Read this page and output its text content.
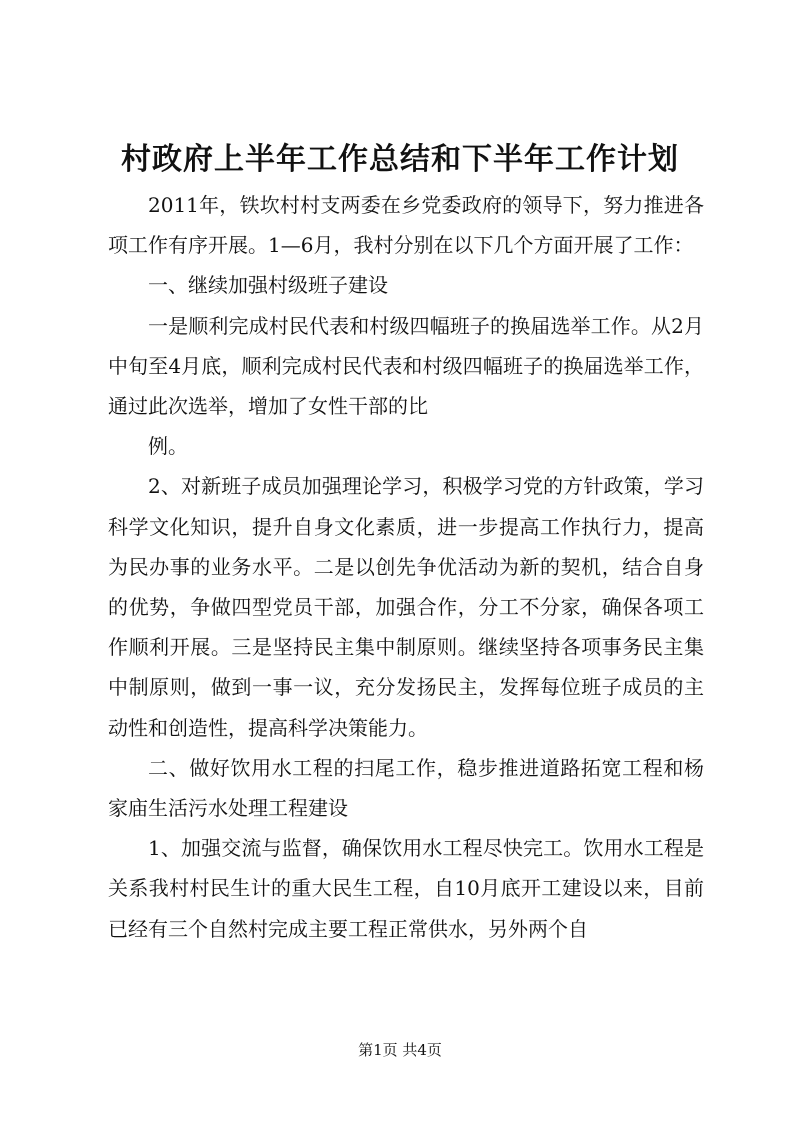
村政府上半年工作总结和下半年工作计划

2011年，铁坎村村支两委在乡党委政府的领导下，努力推进各项工作有序开展。1—6月，我村分别在以下几个方面开展了工作：

一、继续加强村级班子建设

一是顺利完成村民代表和村级四幅班子的换届选举工作。从2月中旬至4月底，顺利完成村民代表和村级四幅班子的换届选举工作，通过此次选举，增加了女性干部的比

例。

2、对新班子成员加强理论学习，积极学习党的方针政策，学习科学文化知识，提升自身文化素质，进一步提高工作执行力，提高为民办事的业务水平。二是以创先争优活动为新的契机，结合自身的优势，争做四型党员干部，加强合作，分工不分家，确保各项工作顺利开展。三是坚持民主集中制原则。继续坚持各项事务民主集中制原则，做到一事一议，充分发扬民主，发挥每位班子成员的主动性和创造性，提高科学决策能力。

二、做好饮用水工程的扫尾工作，稳步推进道路拓宽工程和杨家庙生活污水处理工程建设

1、加强交流与监督，确保饮用水工程尽快完工。饮用水工程是关系我村村民生计的重大民生工程，自10月底开工建设以来，目前已经有三个自然村完成主要工程正常供水，另外两个自

第1页 共4页
